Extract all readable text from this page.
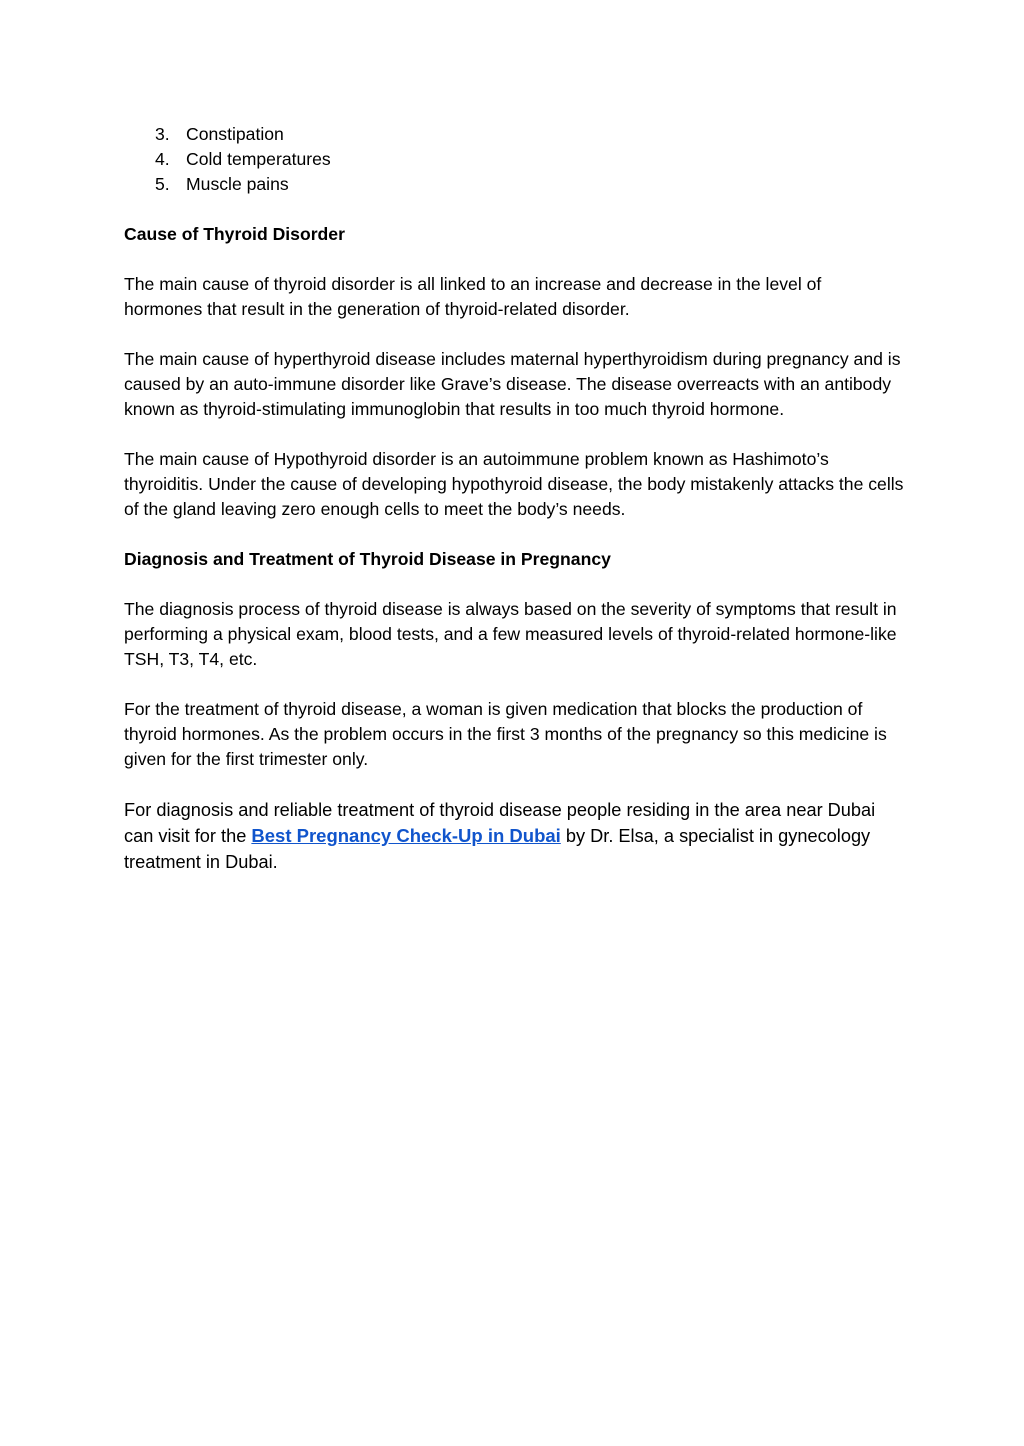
3. Constipation
4. Cold temperatures
5. Muscle pains
Cause of Thyroid Disorder

The main cause of thyroid disorder is all linked to an increase and decrease in the level of hormones that result in the generation of thyroid-related disorder.

The main cause of hyperthyroid disease includes maternal hyperthyroidism during pregnancy and is caused by an auto-immune disorder like Grave’s disease. The disease overreacts with an antibody known as thyroid-stimulating immunoglobin that results in too much thyroid hormone.

The main cause of Hypothyroid disorder is an autoimmune problem known as Hashimoto’s thyroiditis. Under the cause of developing hypothyroid disease, the body mistakenly attacks the cells of the gland leaving zero enough cells to meet the body’s needs.

Diagnosis and Treatment of Thyroid Disease in Pregnancy

The diagnosis process of thyroid disease is always based on the severity of symptoms that result in performing a physical exam, blood tests, and a few measured levels of thyroid-related hormone-like TSH, T3, T4, etc.

For the treatment of thyroid disease, a woman is given medication that blocks the production of thyroid hormones. As the problem occurs in the first 3 months of the pregnancy so this medicine is given for the first trimester only.

For diagnosis and reliable treatment of thyroid disease people residing in the area near Dubai can visit for the Best Pregnancy Check-Up in Dubai by Dr. Elsa, a specialist in gynecology treatment in Dubai.
